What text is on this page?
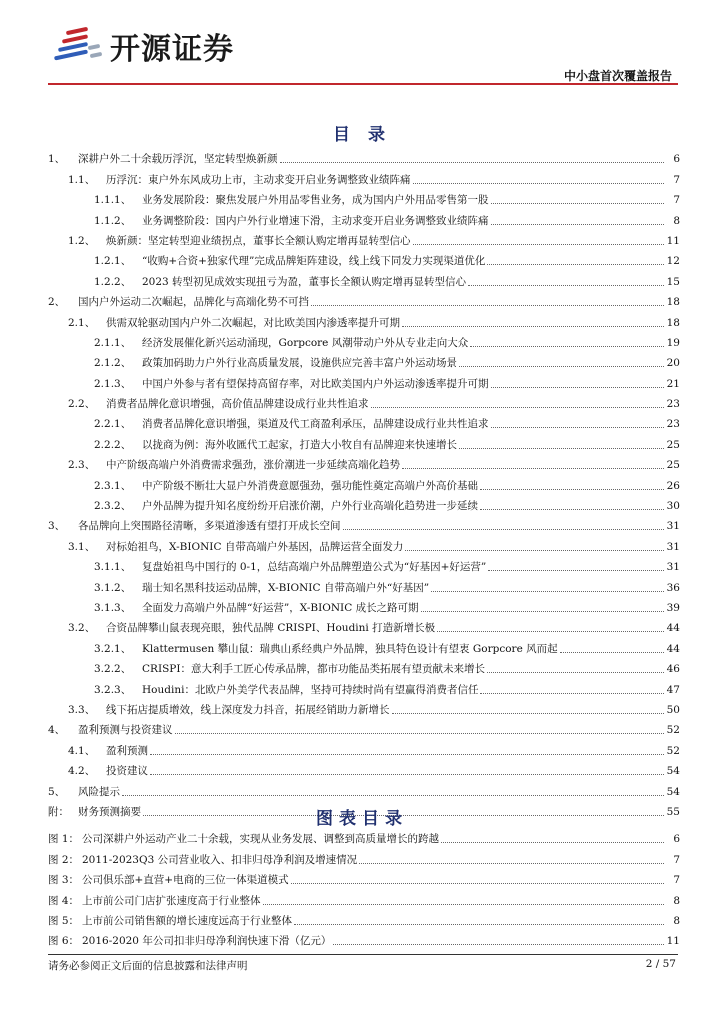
开源证券
中小盘首次覆盖报告
目 录
1、	深耕户外二十余载历浮沉，坚定转型焕新颜	6
1.1、	历浮沉：東户外东风成功上市，主动求变开启业务调整致业绩阵痛	7
1.1.1、	业务发展阶段：聚焦发展户外用品零售业务，成为国内户外用品零售第一股	7
1.1.2、	业务调整阶段：国内户外行业增速下滑，主动求变开启业务调整致业绩阵痛	8
1.2、	焕新颜：坚定转型迎业绩拐点，董事长全额认购定增再显转型信心	11
1.2.1、	“收购+合资+独家代理”完成品牌矩阵建设，线上线下同发力实现渠道优化	12
1.2.2、	2023 转型初见成效实现扭亏为盈，董事长全额认购定增再显转型信心	15
2、	国内户外运动二次崛起，品牌化与高端化势不可挡	18
2.1、	供需双轮驱动国内户外二次崛起，对比欧美国内渗透率提升可期	18
2.1.1、	经济发展催化新兴运动涌现，Gorpcore 风潮带动户外从专业走向大众	19
2.1.2、	政策加码助力户外行业高质量发展，设施供应完善丰富户外运动场景	20
2.1.3、	中国户外参与者有望保持高留存率，对比欧美国内户外运动渗透率提升可期	21
2.2、	消费者品牌化意识增强，高价值品牌建设成行业共性追求	23
2.2.1、	消费者品牌化意识增强，渠道及代工商盈利承压，品牌建设成行业共性追求	23
2.2.2、	以拢商为例：海外收匯代工起家，打造大小牧自有品牌迎来快速增长	25
2.3、	中产阶级高端户外消费需求强劲，涨价潮进一步延续高端化趋势	25
2.3.1、	中产阶级不断壮大显户外消费意愿强劲，强功能性奠定高端户外高价基础	26
2.3.2、	户外品牌为提升知名度纷纷开启涨价潮，户外行业高端化趋势进一步延续	30
3、	各品牌向上突围路径清晰，多渠道渗透有望打开成长空间	31
3.1、	对标始祖鸟，X-BIONIC 自带高端户外基因，品牌运营全面发力	31
3.1.1、	复盘始祖鸟中国行的 0-1，总结高端户外品牌塑造公式为“好基因+好运营”	31
3.1.2、	瑞士知名黑科技运动品牌，X-BIONIC 自带高端户外“好基因”	36
3.1.3、	全面发力高端户外品牌“好运营”，X-BIONIC 成长之路可期	39
3.2、	合资品牌攀山鼠表现亮眼，独代品牌 CRISPI、Houdini 打造新增长极	44
3.2.1、	Klattermusen 攀山鼠：瑞典山系经典户外品牌，独具特色设计有望衷 Gorpcore 风而起	44
3.2.2、	CRISPI：意大利手工匠心传承品牌，都市功能品类拓展有望贡献未来增长	46
3.2.3、	Houdini：北欧户外美学代表品牌，坚持可持续时尚有望赢得消费者信任	47
3.3、	线下拓店提质增效，线上深度发力抖音，拓展经销助力新增长	50
4、	盈利预测与投资建议	52
4.1、	盈利预测	52
4.2、	投资建议	54
5、	风险提示	54
附： 财务预测摘要	55
图表目录
图 1： 公司深耕户外运动产业二十余载，实现从业务发展、调整到高质量增长的跨越	6
图 2： 2011-2023Q3 公司营业收入、扣非归母净利润及增速情况	7
图 3： 公司俱乐部+直营+电商的三位一体渠道模式	7
图 4： 上市前公司门店扩张速度高于行业整体	8
图 5： 上市前公司销售额的增长速度远高于行业整体	8
图 6： 2016-2020 年公司扣非归母净利润快速下滑（亿元）	11
请务必参阅正文后面的信息披露和法律声明	2 / 57
